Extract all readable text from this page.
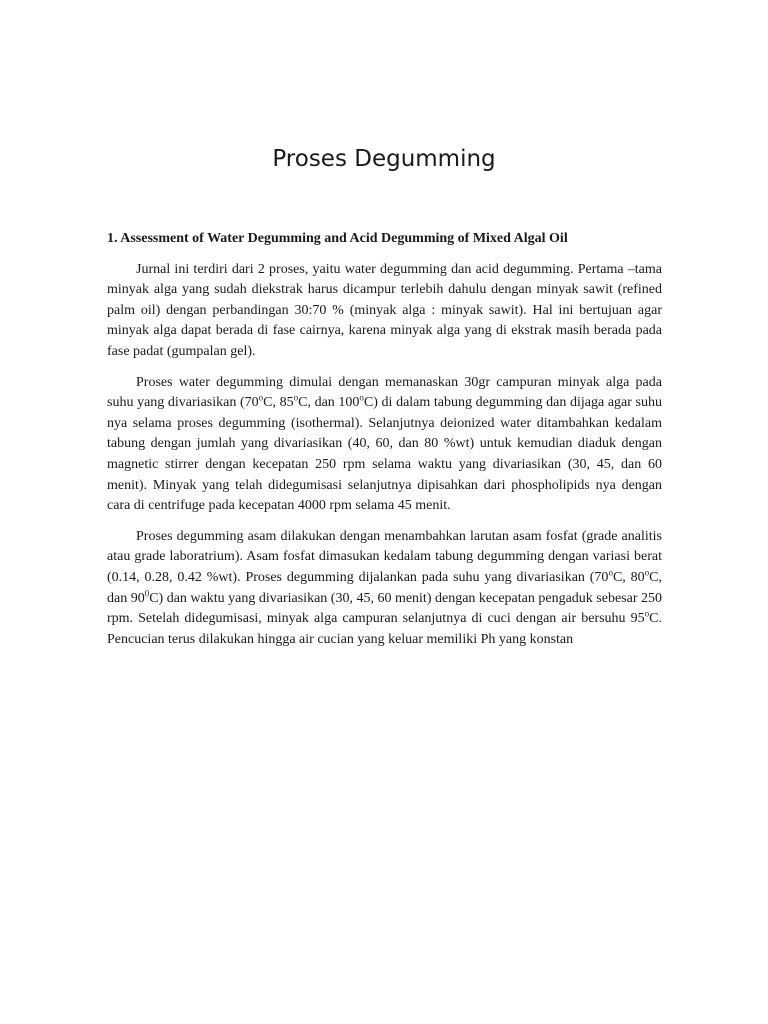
Proses Degumming

1. Assessment of Water Degumming and Acid Degumming of Mixed Algal Oil

Jurnal ini terdiri dari 2 proses, yaitu water degumming dan acid degumming. Pertama –tama minyak alga yang sudah diekstrak harus dicampur terlebih dahulu dengan minyak sawit (refined palm oil) dengan perbandingan 30:70 % (minyak alga : minyak sawit). Hal ini bertujuan agar minyak alga dapat berada di fase cairnya, karena minyak alga yang di ekstrak masih berada pada fase padat (gumpalan gel).

Proses water degumming dimulai dengan memanaskan 30gr campuran minyak alga pada suhu yang divariasikan (70$^o$C, 85$^o$C, dan 100$^o$C) di dalam tabung degumming dan dijaga agar suhu nya selama proses degumming (isothermal). Selanjutnya deionized water ditambahkan kedalam tabung dengan jumlah yang divariasikan (40, 60, dan 80 %wt) untuk kemudian diaduk dengan magnetic stirrer dengan kecepatan 250 rpm selama waktu yang divariasikan (30, 45, dan 60 menit). Minyak yang telah didegumisasi selanjutnya dipisahkan dari phospholipids nya dengan cara di centrifuge pada kecepatan 4000 rpm selama 45 menit.

Proses degumming asam dilakukan dengan menambahkan larutan asam fosfat (grade analitis atau grade laboratrium). Asam fosfat dimasukan kedalam tabung degumming dengan variasi berat (0.14, 0.28, 0.42 %wt). Proses degumming dijalankan pada suhu yang divariasikan (70$^o$C, 80$^o$C, dan $90^0C$) dan waktu yang divariasikan (30, 45, 60 menit) dengan kecepatan pengaduk sebesar 250 rpm. Setelah didegumisasi, minyak alga campuran selanjutnya di cuci dengan air bersuhu 95$^o$C. Pencucian terus dilakukan hingga air cucian yang keluar memiliki Ph yang konstan
